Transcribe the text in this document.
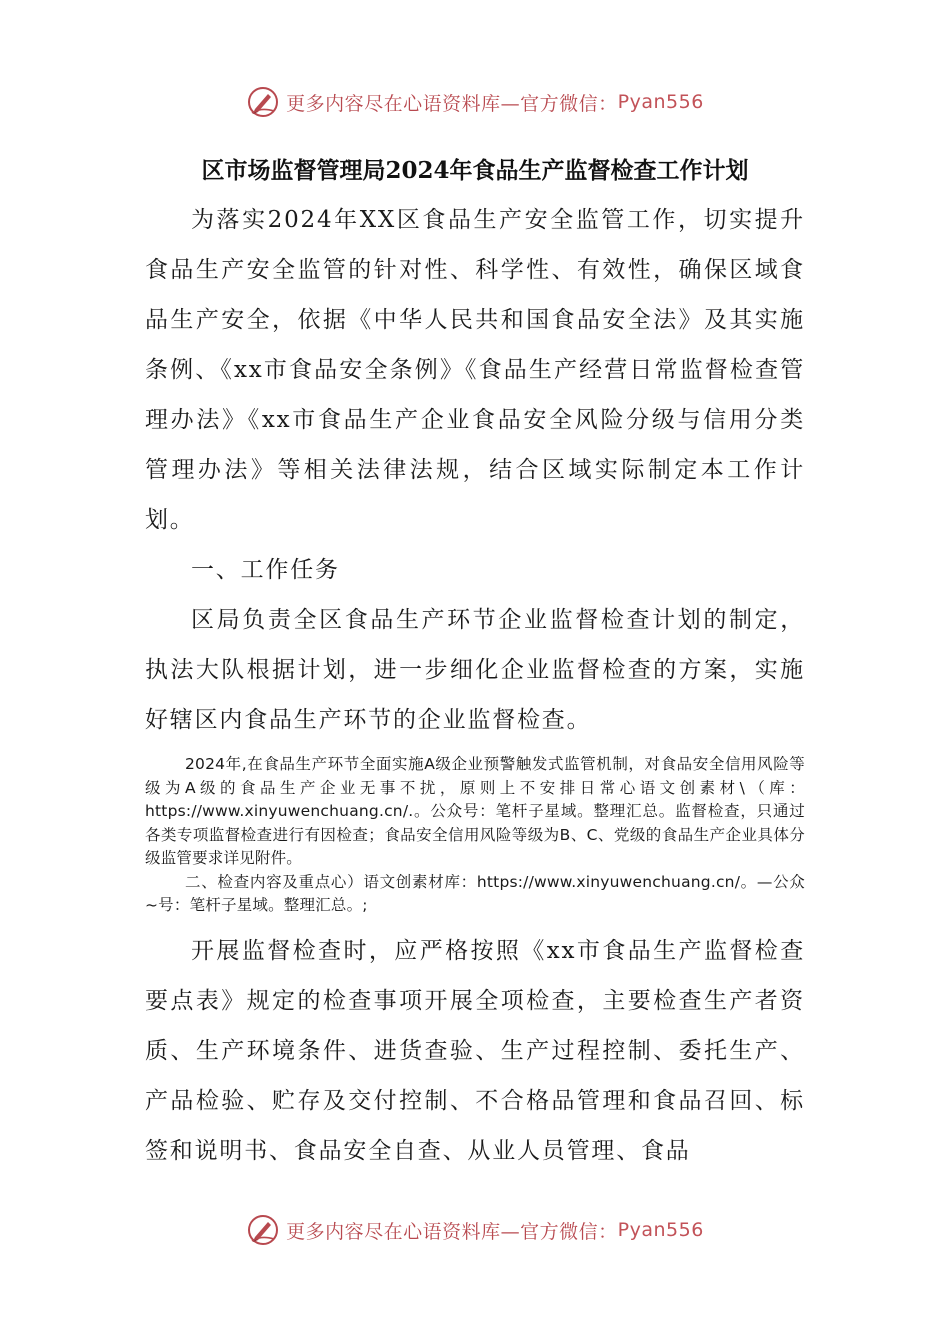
更多内容尽在心语资料库—官方微信： Pyan556
区市场监督管理局2024年食品生产监督检查工作计划

为落实2024年XX区食品生产安全监管工作，切实提升食品生产安全监管的针对性、科学性、有效性，确保区域食品生产安全，依据《中华人民共和国食品安全法》及其实施条例、《xx市食品安全条例》《食品生产经营日常监督检查管理办法》《xx市食品生产企业食品安全风险分级与信用分类管理办法》等相关法律法规，结合区域实际制定本工作计划。

一、工作任务

区局负责全区食品生产环节企业监督检查计划的制定，执法大队根据计划，进一步细化企业监督检查的方案，实施好辖区内食品生产环节的企业监督检查。

2024年,在食品生产环节全面实施A级企业预警触发式监管机制，对食品安全信用风险等级为A级的食品生产企业无事不扰，原则上不安排日常心语文创素材\（库：https://www.xinyuwenchuang.cn/.。公众号：笔杆子星域。整理汇总。监督检查，只通过各类专项监督检查进行有因检查；食品安全信用风险等级为B、C、党级的食品生产企业具体分级监管要求详见附件。

二、检查内容及重点心）语文创素材库：https://www.xinyuwenchuang.cn/。—公众~号：笔杆子星域。整理汇总。;

开展监督检查时，应严格按照《xx市食品生产监督检查要点表》规定的检查事项开展全项检查，主要检查生产者资质、生产环境条件、进货查验、生产过程控制、委托生产、产品检验、贮存及交付控制、不合格品管理和食品召回、标签和说明书、食品安全自查、从业人员管理、食品

更多内容尽在心语资料库—官方微信： Pyan556
